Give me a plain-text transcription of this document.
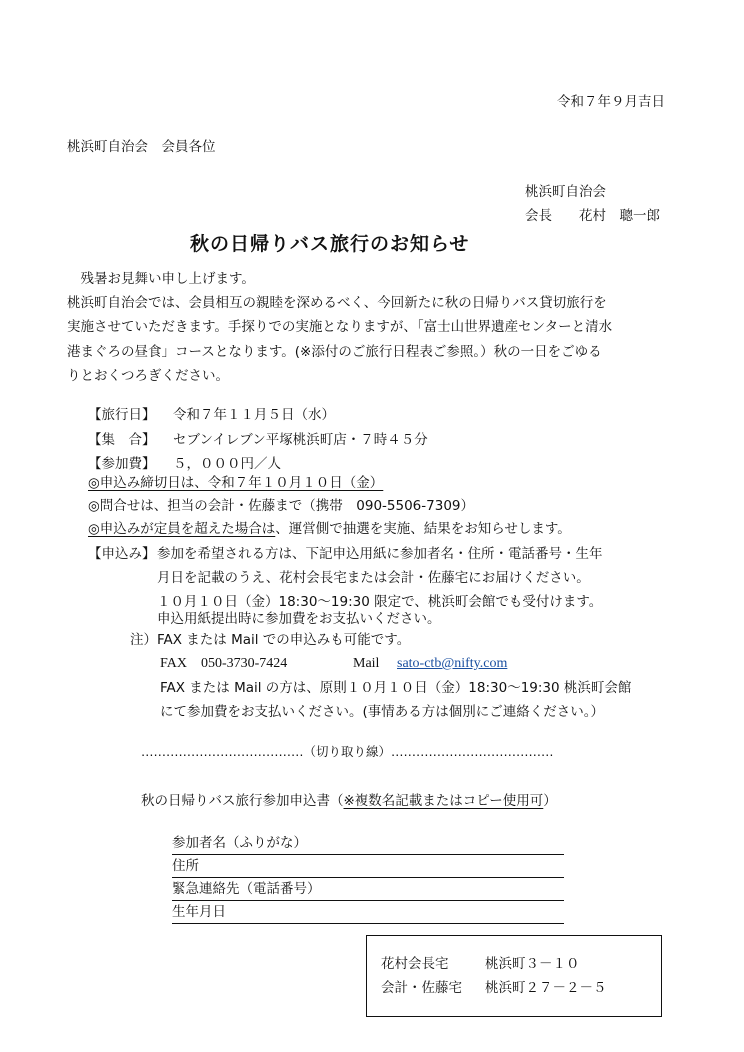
令和７年９月吉日
桃浜町自治会　会員各位
桃浜町自治会
会長　　花村　聰一郎
秋の日帰りバス旅行のお知らせ
　残暑お見舞い申し上げます。
桃浜町自治会では、会員相互の親睦を深めるべく、今回新たに秋の日帰りバス貸切旅行を
実施させていただきます。手探りでの実施となりますが、「富士山世界遺産センターと清水
港まぐろの昼食」コースとなります。(※添付のご旅行日程表ご参照。）秋の一日をごゆる
りとおくつろぎください。
【旅行日】 令和７年１１月５日（水）
【集　合】 セブンイレブン平塚桃浜町店・７時４５分
【参加費】 ５，０００円／人
◎申込み締切日は、令和７年１０月１０日（金）
◎問合せは、担当の会計・佐藤まで（携帯　090-5506-7309）
◎申込みが定員を超えた場合は、運営側で抽選を実施、結果をお知らせします。
【申込み】 参加を希望される方は、下記申込用紙に参加者名・住所・電話番号・生年
月日を記載のうえ、花村会長宅または会計・佐藤宅にお届けください。
１０月１０日（金）18:30～19:30 限定で、桃浜町会館でも受付けます。
申込用紙提出時に参加費をお支払いください。
注）FAX または Mail での申込みも可能です。
FAX　050-3730-7424	Mail sato-ctb@nifty.com
FAX または Mail の方は、原則１０月１０日（金）18:30～19:30 桃浜町会館
にて参加費をお支払いください。(事情ある方は個別にご連絡ください。）
…………………………………（切り取り線）…………………………………
秋の日帰りバス旅行参加申込書（※複数名記載またはコピー使用可）
参加者名（ふりがな）
住所
緊急連絡先（電話番号）
生年月日
花村会長宅	桃浜町３－１０
会計・佐藤宅 桃浜町２７－２－５
